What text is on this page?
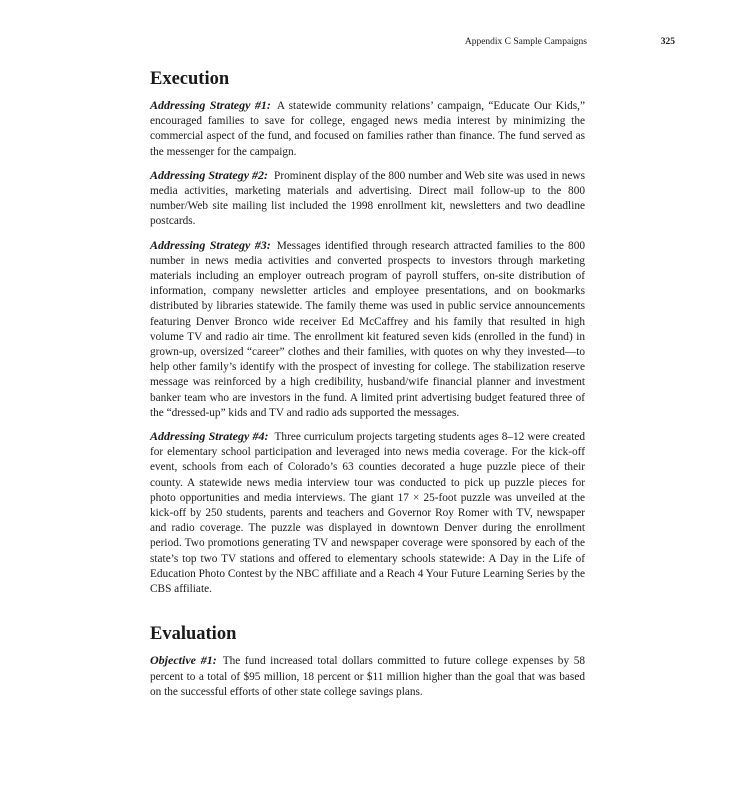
Appendix C Sample Campaigns	325
Execution

Addressing Strategy #1: A statewide community relations’ campaign, “Educate Our Kids,” encouraged families to save for college, engaged news media interest by minimizing the commercial aspect of the fund, and focused on families rather than finance. The fund served as the messenger for the campaign.

Addressing Strategy #2: Prominent display of the 800 number and Web site was used in news media activities, marketing materials and advertising. Direct mail follow-up to the 800 number/Web site mailing list included the 1998 enrollment kit, newsletters and two deadline postcards.

Addressing Strategy #3: Messages identified through research attracted families to the 800 number in news media activities and converted prospects to investors through marketing materials including an employer outreach program of payroll stuffers, on-site distribution of information, company newsletter articles and employee presentations, and on bookmarks distributed by libraries statewide. The family theme was used in public service announcements featuring Denver Bronco wide receiver Ed McCaffrey and his family that resulted in high volume TV and radio air time. The enrollment kit featured seven kids (enrolled in the fund) in grown-up, oversized “career” clothes and their families, with quotes on why they invested—to help other family’s identify with the prospect of investing for college. The stabilization reserve message was reinforced by a high credibility, husband/wife financial planner and investment banker team who are investors in the fund. A limited print advertising budget featured three of the “dressed-up” kids and TV and radio ads supported the messages.

Addressing Strategy #4: Three curriculum projects targeting students ages 8–12 were created for elementary school participation and leveraged into news media coverage. For the kick-off event, schools from each of Colorado’s 63 counties decorated a huge puzzle piece of their county. A statewide news media interview tour was conducted to pick up puzzle pieces for photo opportunities and media interviews. The giant 17 × 25-foot puzzle was unveiled at the kick-off by 250 students, parents and teachers and Governor Roy Romer with TV, newspaper and radio coverage. The puzzle was displayed in downtown Denver during the enrollment period. Two promotions generating TV and newspaper coverage were sponsored by each of the state’s top two TV stations and offered to elementary schools statewide: A Day in the Life of Education Photo Contest by the NBC affiliate and a Reach 4 Your Future Learning Series by the CBS affiliate.

Evaluation

Objective #1: The fund increased total dollars committed to future college expenses by 58 percent to a total of $95 million, 18 percent or $11 million higher than the goal that was based on the successful efforts of other state college savings plans.
